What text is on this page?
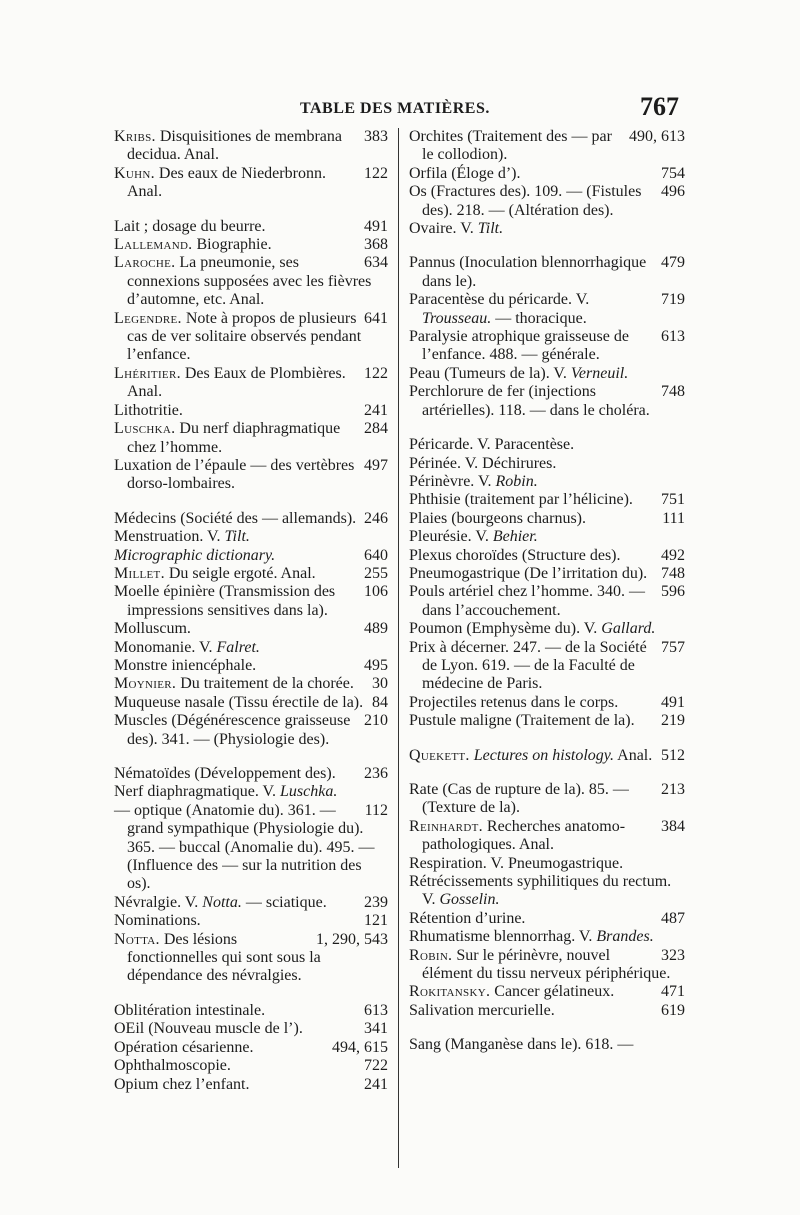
TABLE DES MATIÈRES.	767
383
Kribs. Disquisitiones de membrana decidua. Anal.
122
Kuhn. Des eaux de Niederbronn. Anal.
491
Lait ; dosage du beurre.
368
Lallemand. Biographie.
634
Laroche. La pneumonie, ses connexions supposées avec les fièvres d’automne, etc. Anal.
641
Legendre. Note à propos de plusieurs cas de ver solitaire observés pendant l’enfance.
122
Lhéritier. Des Eaux de Plombières. Anal.
241
Lithotritie.
284
Luschka. Du nerf diaphragmatique chez l’homme.
497
Luxation de l’épaule — des vertèbres dorso-lombaires.
246
Médecins (Société des — allemands).
Menstruation. V. Tilt.
640
Micrographic dictionary.
255
Millet. Du seigle ergoté. Anal.
106
Moelle épinière (Transmission des impressions sensitives dans la).
489
Molluscum.
Monomanie. V. Falret.
495
Monstre iniencéphale.
30
Moynier. Du traitement de la chorée.
84
Muqueuse nasale (Tissu érectile de la).
210
Muscles (Dégénérescence graisseuse des). 341. — (Physiologie des).
236
Nématoïdes (Développement des).
Nerf diaphragmatique. V. Luschka.
112
— optique (Anatomie du). 361. — grand sympathique (Physiologie du). 365. — buccal (Anomalie du). 495. — (Influence des — sur la nutrition des os).
239
Névralgie. V. Notta. — sciatique.
121
Nominations.
1, 290, 543
Notta. Des lésions fonctionnelles qui sont sous la dépendance des névralgies.
613
Oblitération intestinale.
341
OEil (Nouveau muscle de l’).
494, 615
Opération césarienne.
722
Ophthalmoscopie.
241
Opium chez l’enfant.
490, 613
Orchites (Traitement des — par le collodion).
754
Orfila (Éloge d’).
496
Os (Fractures des). 109. — (Fistules des). 218. — (Altération des).
Ovaire. V. Tilt.
479
Pannus (Inoculation blennorrhagique dans le).
719
Paracentèse du péricarde. V. Trousseau. — thoracique.
613
Paralysie atrophique graisseuse de l’enfance. 488. — générale.
Peau (Tumeurs de la). V. Verneuil.
748
Perchlorure de fer (injections artérielles). 118. — dans le choléra.
Péricarde. V. Paracentèse.
Périnée. V. Déchirures.
Périnèvre. V. Robin.
751
Phthisie (traitement par l’hélicine).
111
Plaies (bourgeons charnus).
Pleurésie. V. Behier.
492
Plexus choroïdes (Structure des).
748
Pneumogastrique (De l’irritation du).
596
Pouls artériel chez l’homme. 340. — dans l’accouchement.
Poumon (Emphysème du). V. Gallard.
757
Prix à décerner. 247. — de la Société de Lyon. 619. — de la Faculté de médecine de Paris.
491
Projectiles retenus dans le corps.
219
Pustule maligne (Traitement de la).
512
Quekett. Lectures on histology. Anal.
213
Rate (Cas de rupture de la). 85. — (Texture de la).
384
Reinhardt. Recherches anatomo-pathologiques. Anal.
Respiration. V. Pneumogastrique.
Rétrécissements syphilitiques du rectum. V. Gosselin.
487
Rétention d’urine.
Rhumatisme blennorrhag. V. Brandes.
323
Robin. Sur le périnèvre, nouvel élément du tissu nerveux périphérique.
471
Rokitansky. Cancer gélatineux.
619
Salivation mercurielle.
Sang (Manganèse dans le). 618. —
